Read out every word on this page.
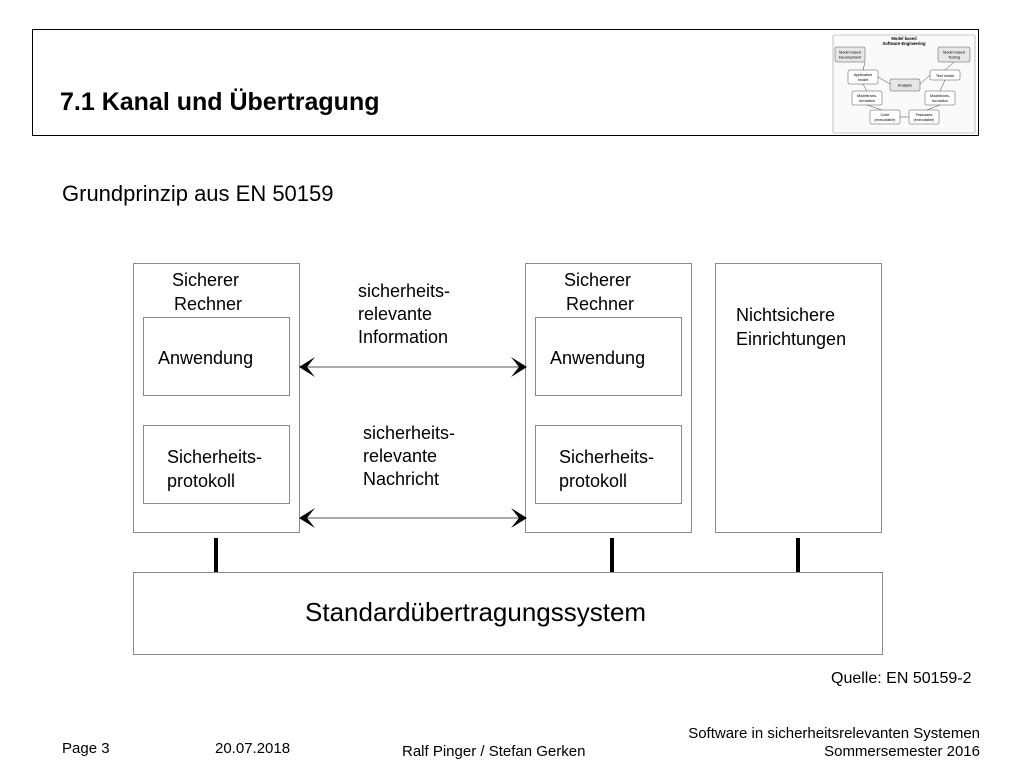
7.1 Kanal und Übertragung
Model based
Software Engineering
Model based
Development
Model based
Testing
Application
model
Test model
Analysis
Modeltrans-
formation
Modeltrans-
formation
Code
(executable)
Testcases
(executable)
Grundprinzip aus EN 50159
Sicherer
Rechner
Anwendung
Sicherheits-
protokoll
Sicherer
Rechner
Anwendung
Sicherheits-
protokoll
Nichtsichere
Einrichtungen
sicherheits-
relevante
Information
sicherheits-
relevante
Nachricht
Standardübertragungssystem
Quelle: EN 50159-2
Page 3	20.07.2018	Ralf Pinger / Stefan Gerken
Software in sicherheitsrelevanten Systemen
Sommersemester 2016
